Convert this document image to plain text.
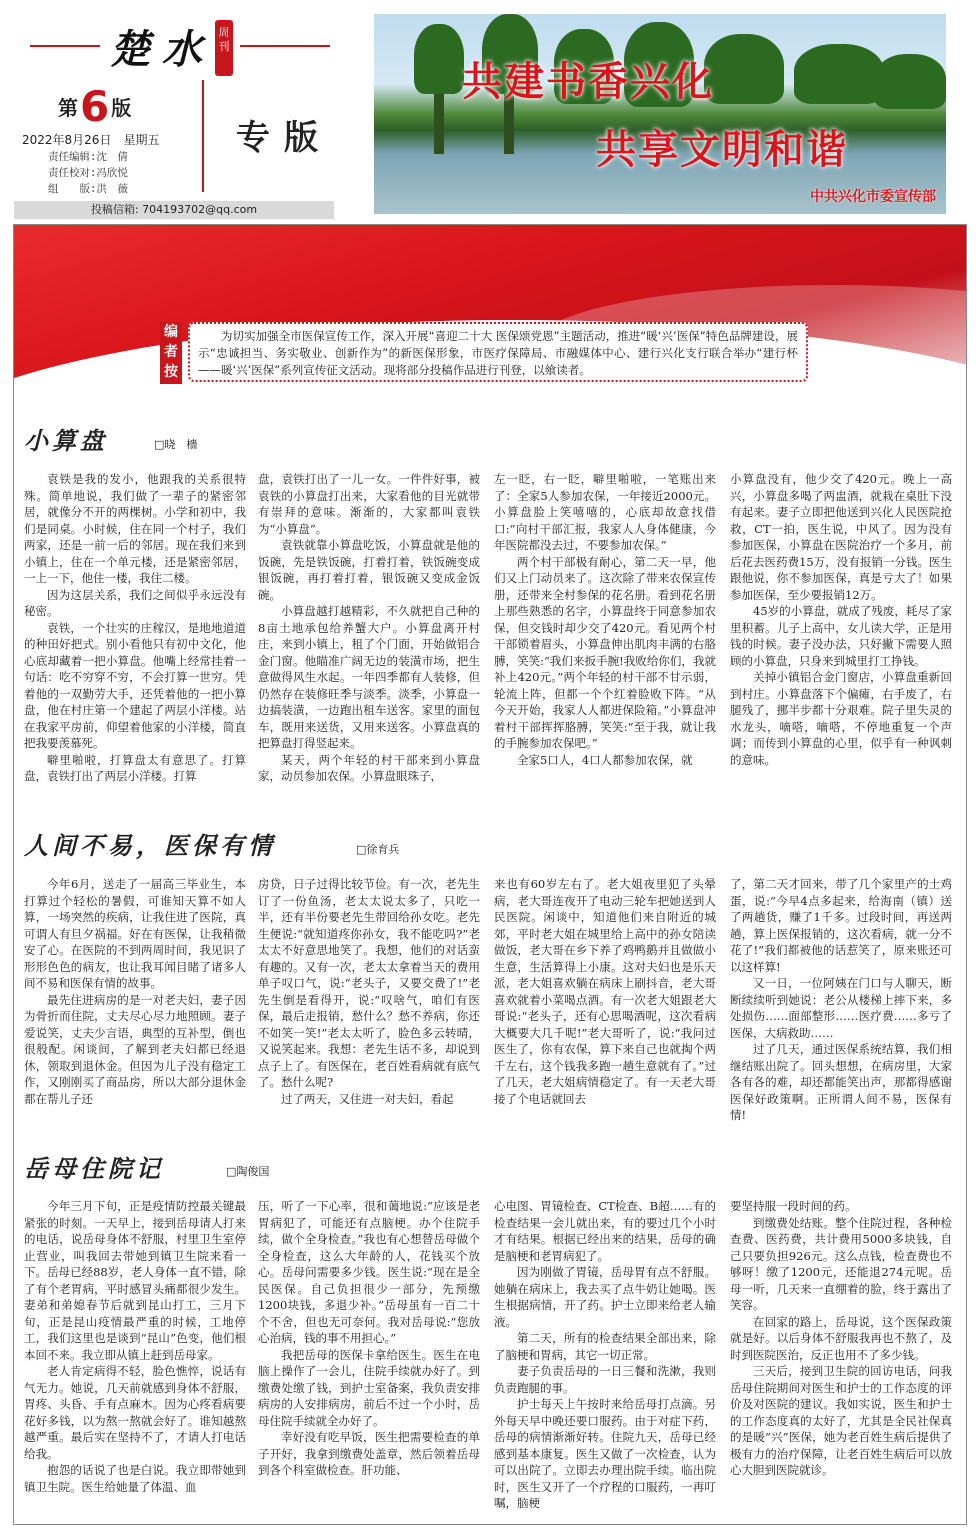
楚水 周刊
第6 版
2022年8月26日　星期五
责任编辑:沈　倩
责任校对:冯欣悦
组　　版:洪　薇
专版
投稿信箱: 704193702@qq.com
共建书香兴化
共享文明和谐
中共兴化市委宣传部
编者按
为切实加强全市医保宣传工作，深入开展“喜迎二十大 医保颂党恩”主题活动，推进“暖‘兴’医保”特色品牌建设，展示“忠诚担当、务实敬业、创新作为”的新医保形象，市医疗保障局、市融媒体中心、建行兴化支行联合举办“建行杯——暖‘兴’医保”系列宣传征文活动。现将部分投稿作品进行刊登，以飨读者。
小算盘	□晓　檣

袁铁是我的发小，他跟我的关系很特殊。简单地说，我们做了一辈子的紧密邻居，就像分不开的两棵树。小学和初中，我们是同桌。小时候，住在同一个村子，我们两家，还是一前一后的邻居。现在我们来到小镇上，住在一个单元楼，还是紧密邻居，一上一下，他住一楼，我住二楼。

因为这层关系，我们之间似乎永远没有秘密。

袁铁，一个壮实的庄稼汉，是地地道道的种田好把式。别小看他只有初中文化，他心底却藏着一把小算盘。他嘴上经常挂着一句话：吃不穷穿不穷，不会打算一世穷。凭着他的一双勤劳大手，还凭着他的一把小算盘，他在村庄第一个建起了两层小洋楼。站在我家平房前，仰望着他家的小洋楼，简直把我要羡慕死。

噼里啪啦，打算盘太有意思了。打算盘，袁铁打出了两层小洋楼。打算

盘，袁铁打出了一儿一女。一件件好事，被袁铁的小算盘打出来，大家看他的目光就带有崇拜的意味。渐渐的，大家都叫袁铁为“小算盘”。

袁铁就靠小算盘吃饭，小算盘就是他的饭碗，先是铁饭碗，打着打着，铁饭碗变成银饭碗，再打着打着，银饭碗又变成金饭碗。

小算盘越打越精彩，不久就把自己种的8亩土地承包给养蟹大户。小算盘离开村庄，来到小镇上，租了个门面，开始做铝合金门窗。他瞄准广阔无边的装潢市场，把生意做得风生水起。一年四季都有人装修，但仍然存在装修旺季与淡季。淡季，小算盘一边搞装潢，一边跑出租车送客。家里的面包车，既用来送货，又用来送客。小算盘真的把算盘打得竖起来。

某天，两个年轻的村干部来到小算盘家，动员参加农保。小算盘眼珠子，

左一眨，右一眨，噼里啪啦，一笔账出来了：全家5人参加农保，一年接近2000元。小算盘脸上笑嘻嘻的，心底却故意找借口:“向村干部汇报，我家人人身体健康，今年医院都没去过，不要参加农保。”

两个村干部极有耐心，第二天一早，他们又上门动员来了。这次除了带来农保宣传册，还带来全村参保的花名册。看到花名册上那些熟悉的名字，小算盘终于同意参加农保，但交钱时却少交了420元。看见两个村干部锁着眉头，小算盘伸出肌肉丰满的右胳膊，笑笑:“我们来扳手腕!我败给你们，我就补上420元。”两个年轻的村干部不甘示弱，轮流上阵，但都一个个红着脸败下阵。“从今天开始，我家人人都进保险箱。”小算盘冲着村干部挥挥胳膊，笑笑:“至于我，就让我的手腕参加农保吧。”

全家5口人，4口人都参加农保，就

小算盘没有，他少交了420元。晚上一高兴，小算盘多喝了两盅酒，就栽在桌肚下没有起来。妻子立即把他送到兴化人民医院抢救，CT一拍，医生说，中风了。因为没有参加医保，小算盘在医院治疗一个多月，前后花去医药费15万，没有报销一分钱。医生跟他说，你不参加医保，真是亏大了！如果参加医保，至少要报销12万。

45岁的小算盘，就成了残废，耗尽了家里积蓄。儿子上高中，女儿读大学，正是用钱的时候。妻子没办法，只好撇下需要人照顾的小算盘，只身来到城里打工挣钱。

关掉小镇铝合金门窗店，小算盘重新回到村庄。小算盘落下个偏瘫，右手废了，右腿残了，挪半步都十分艰难。院子里失灵的水龙头，嘀嗒，嘀嗒，不停地重复一个声调；而传到小算盘的心里，似乎有一种讽刺的意味。

人间不易，医保有情	□徐育兵

今年6月，送走了一届高三毕业生，本打算过个轻松的暑假，可谁知天算不如人算，一场突然的疾病，让我住进了医院，真可谓人有旦夕祸福。好在有医保，让我稍微安了心。在医院的不到两周时间，我见识了形形色色的病友，也让我耳闻目睹了诸多人间不易和医保有情的故事。

最先住进病房的是一对老夫妇，妻子因为骨折而住院，丈夫尽心尽力地照顾。妻子爱说笑，丈夫少言语，典型的互补型，倒也很般配。闲谈间，了解到老夫妇都已经退休，领取到退休金。但因为儿子没有稳定工作，又刚刚买了商品房，所以大部分退休金都在帮儿子还

房贷，日子过得比较节俭。有一次，老先生订了一份鱼汤，老太太说太多了，只吃一半，还有半份要老先生带回给孙女吃。老先生便说:“就知道疼你孙女，我不能吃吗?”老太太不好意思地笑了。我想，他们的对话蛮有趣的。又有一次，老太太拿着当天的费用单子叹口气，说:“老头子，又要交费了!”老先生倒是看得开，说:“叹啥气，咱们有医保，最后走报销，愁什么？愁不养病，你还不如笑一笑!”老太太听了，脸色多云转晴，又说笑起来。我想：老先生话不多，却说到点子上了。有医保在，老百姓看病就有底气了。愁什么呢?

过了两天，又住进一对夫妇，看起

来也有60岁左右了。老大姐夜里犯了头晕病，老大哥连夜开了电动三轮车把她送到人民医院。闲谈中，知道他们来自附近的城郊，平时老大姐在城里给上高中的孙女陪读做饭，老大哥在乡下养了鸡鸭鹅并且做做小生意，生活算得上小康。这对夫妇也是乐天派，老大姐喜欢躺在病床上刷抖音，老大哥喜欢就着小菜喝点酒。有一次老大姐跟老大哥说:“老头子，还有心思喝酒呢，这次看病大概要大几千呢!”老大哥听了，说:“我问过医生了，你有农保，算下来自己也就掏个两千左右，这个钱我多跑一趟生意就有了。”过了几天，老大姐病情稳定了。有一天老大哥接了个电话就回去

了，第二天才回来，带了几个家里产的土鸡蛋，说:“今早4点多起来，给海南（镇）送了两趟货，赚了1千多。过段时间，再送两趟，算上医保报销的，这次看病，就一分不花了!”我们都被他的话惹笑了，原来账还可以这样算!

又一日，一位阿姨在门口与人聊天，断断续续听到她说：老公从楼梯上摔下来，多处损伤……面部整形……医疗费……多亏了医保，大病救助……

过了几天，通过医保系统结算，我们相继结账出院了。回头想想，在病房里，大家各有各的难，却还都能笑出声，那都得感谢医保好政策啊。正所谓人间不易，医保有情!

岳母住院记	□陶俊国

今年三月下旬，正是疫情防控最关键最紧张的时刻。一天早上，接到岳母请人打来的电话，说岳母身体不舒服，村里卫生室停止营业，叫我回去带她到镇卫生院来看一下。岳母已经88岁，老人身体一直不错，除了有个老胃病，平时感冒头痛都很少发生。妻弟和弟媳春节后就到昆山打工，三月下旬，正是昆山疫情最严重的时候，工地停工，我们这里也是谈到“昆山”色变，他们根本回不来。我立即从镇上赶到岳母家。

老人肯定病得不轻，脸色憔悴，说话有气无力。她说，几天前就感到身体不舒服，胃疼、头昏、手有点麻木。因为心疼看病要花好多钱，以为熬一熬就会好了。谁知越熬越严重。最后实在坚持不了，才请人打电话给我。

抱怨的话说了也是白说。我立即带她到镇卫生院。医生给她量了体温、血

压，听了一下心率，很和蔼地说:“应该是老胃病犯了，可能还有点脑梗。办个住院手续，做个全身检查。”我也有心想替岳母做个全身检查，这么大年龄的人，花钱买个放心。岳母问需要多少钱。医生说:“现在是全民医保。自己负担很少一部分，先预缴1200块钱，多退少补。”岳母虽有一百二十个不舍，但也无可奈何。我对岳母说:“您放心治病，钱的事不用担心。”

我把岳母的医保卡拿给医生。医生在电脑上操作了一会儿，住院手续就办好了。到缴费处缴了钱，到护士室备案，我负责安排病房的人安排病房，前后不过一个小时，岳母住院手续就全办好了。

幸好没有吃早饭，医生把需要检查的单子开好，我拿到缴费处盖章，然后领着岳母到各个科室做检查。肝功能、

心电图、胃镜检查、CT检查、B超……有的检查结果一会儿就出来，有的要过几个小时才有结果。根据已经出来的结果，岳母的确是脑梗和老胃病犯了。

因为刚做了胃镜，岳母胃有点不舒服。她躺在病床上，我去买了点牛奶让她喝。医生根据病情，开了药。护士立即来给老人输液。

第二天，所有的检查结果全部出来，除了脑梗和胃病，其它一切正常。

妻子负责岳母的一日三餐和洗漱，我则负责跑腿的事。

护士每天上午按时来给岳母打点滴。另外每天早中晚还要口服药。由于对症下药，岳母的病情渐渐好转。住院九天，岳母已经感到基本康复。医生又做了一次检查，认为可以出院了。立即去办理出院手续。临出院时，医生又开了一个疗程的口服药，一再叮嘱，脑梗

要坚持服一段时间的药。

到缴费处结账。整个住院过程，各种检查费、医药费，共计费用5000多块钱，自己只要负担926元。这么点钱，检查费也不够呀！缴了1200元，还能退274元呢。岳母一听，几天来一直绷着的脸，终于露出了笑容。

在回家的路上，岳母说，这个医保政策就是好。以后身体不舒服我再也不熬了，及时到医院医治，反正也用不了多少钱。

三天后，接到卫生院的回访电话，问我岳母住院期间对医生和护士的工作态度的评价及对医院的建议。我如实说，医生和护士的工作态度真的太好了，尤其是全民社保真的是暖“兴”医保，她为老百姓生病后提供了极有力的治疗保障，让老百姓生病后可以放心大胆到医院就诊。
